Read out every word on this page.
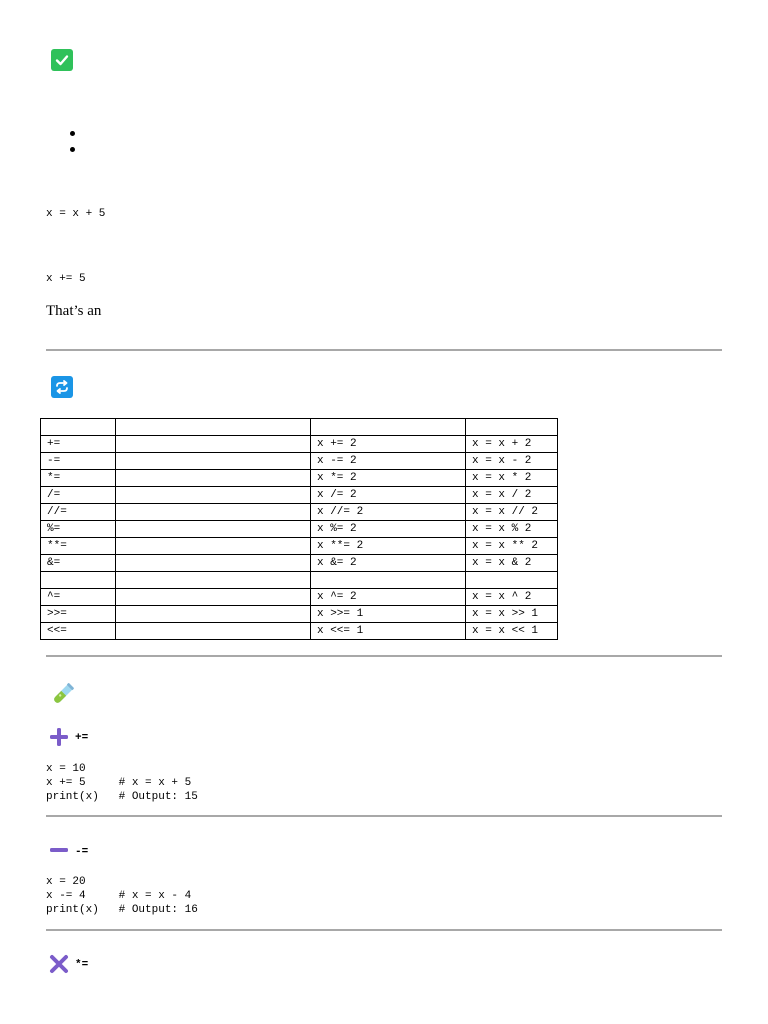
x = x + 5
x += 5
That’s an

+=		x += 2	x = x + 2
-=		x -= 2	x = x - 2
*=		x *= 2	x = x * 2
/=		x /= 2	x = x / 2
//=		x //= 2	x = x // 2
%=		x %= 2	x = x % 2
**=		x **= 2	x = x ** 2
&=		x &= 2	x = x & 2

^=		x ^= 2	x = x ^ 2
>>=		x >>= 1	x = x >> 1
<<=		x <<= 1	x = x << 1
+=
x = 10
x += 5     # x = x + 5
print(x)   # Output: 15
-=
x = 20
x -= 4     # x = x - 4
print(x)   # Output: 16
*=
